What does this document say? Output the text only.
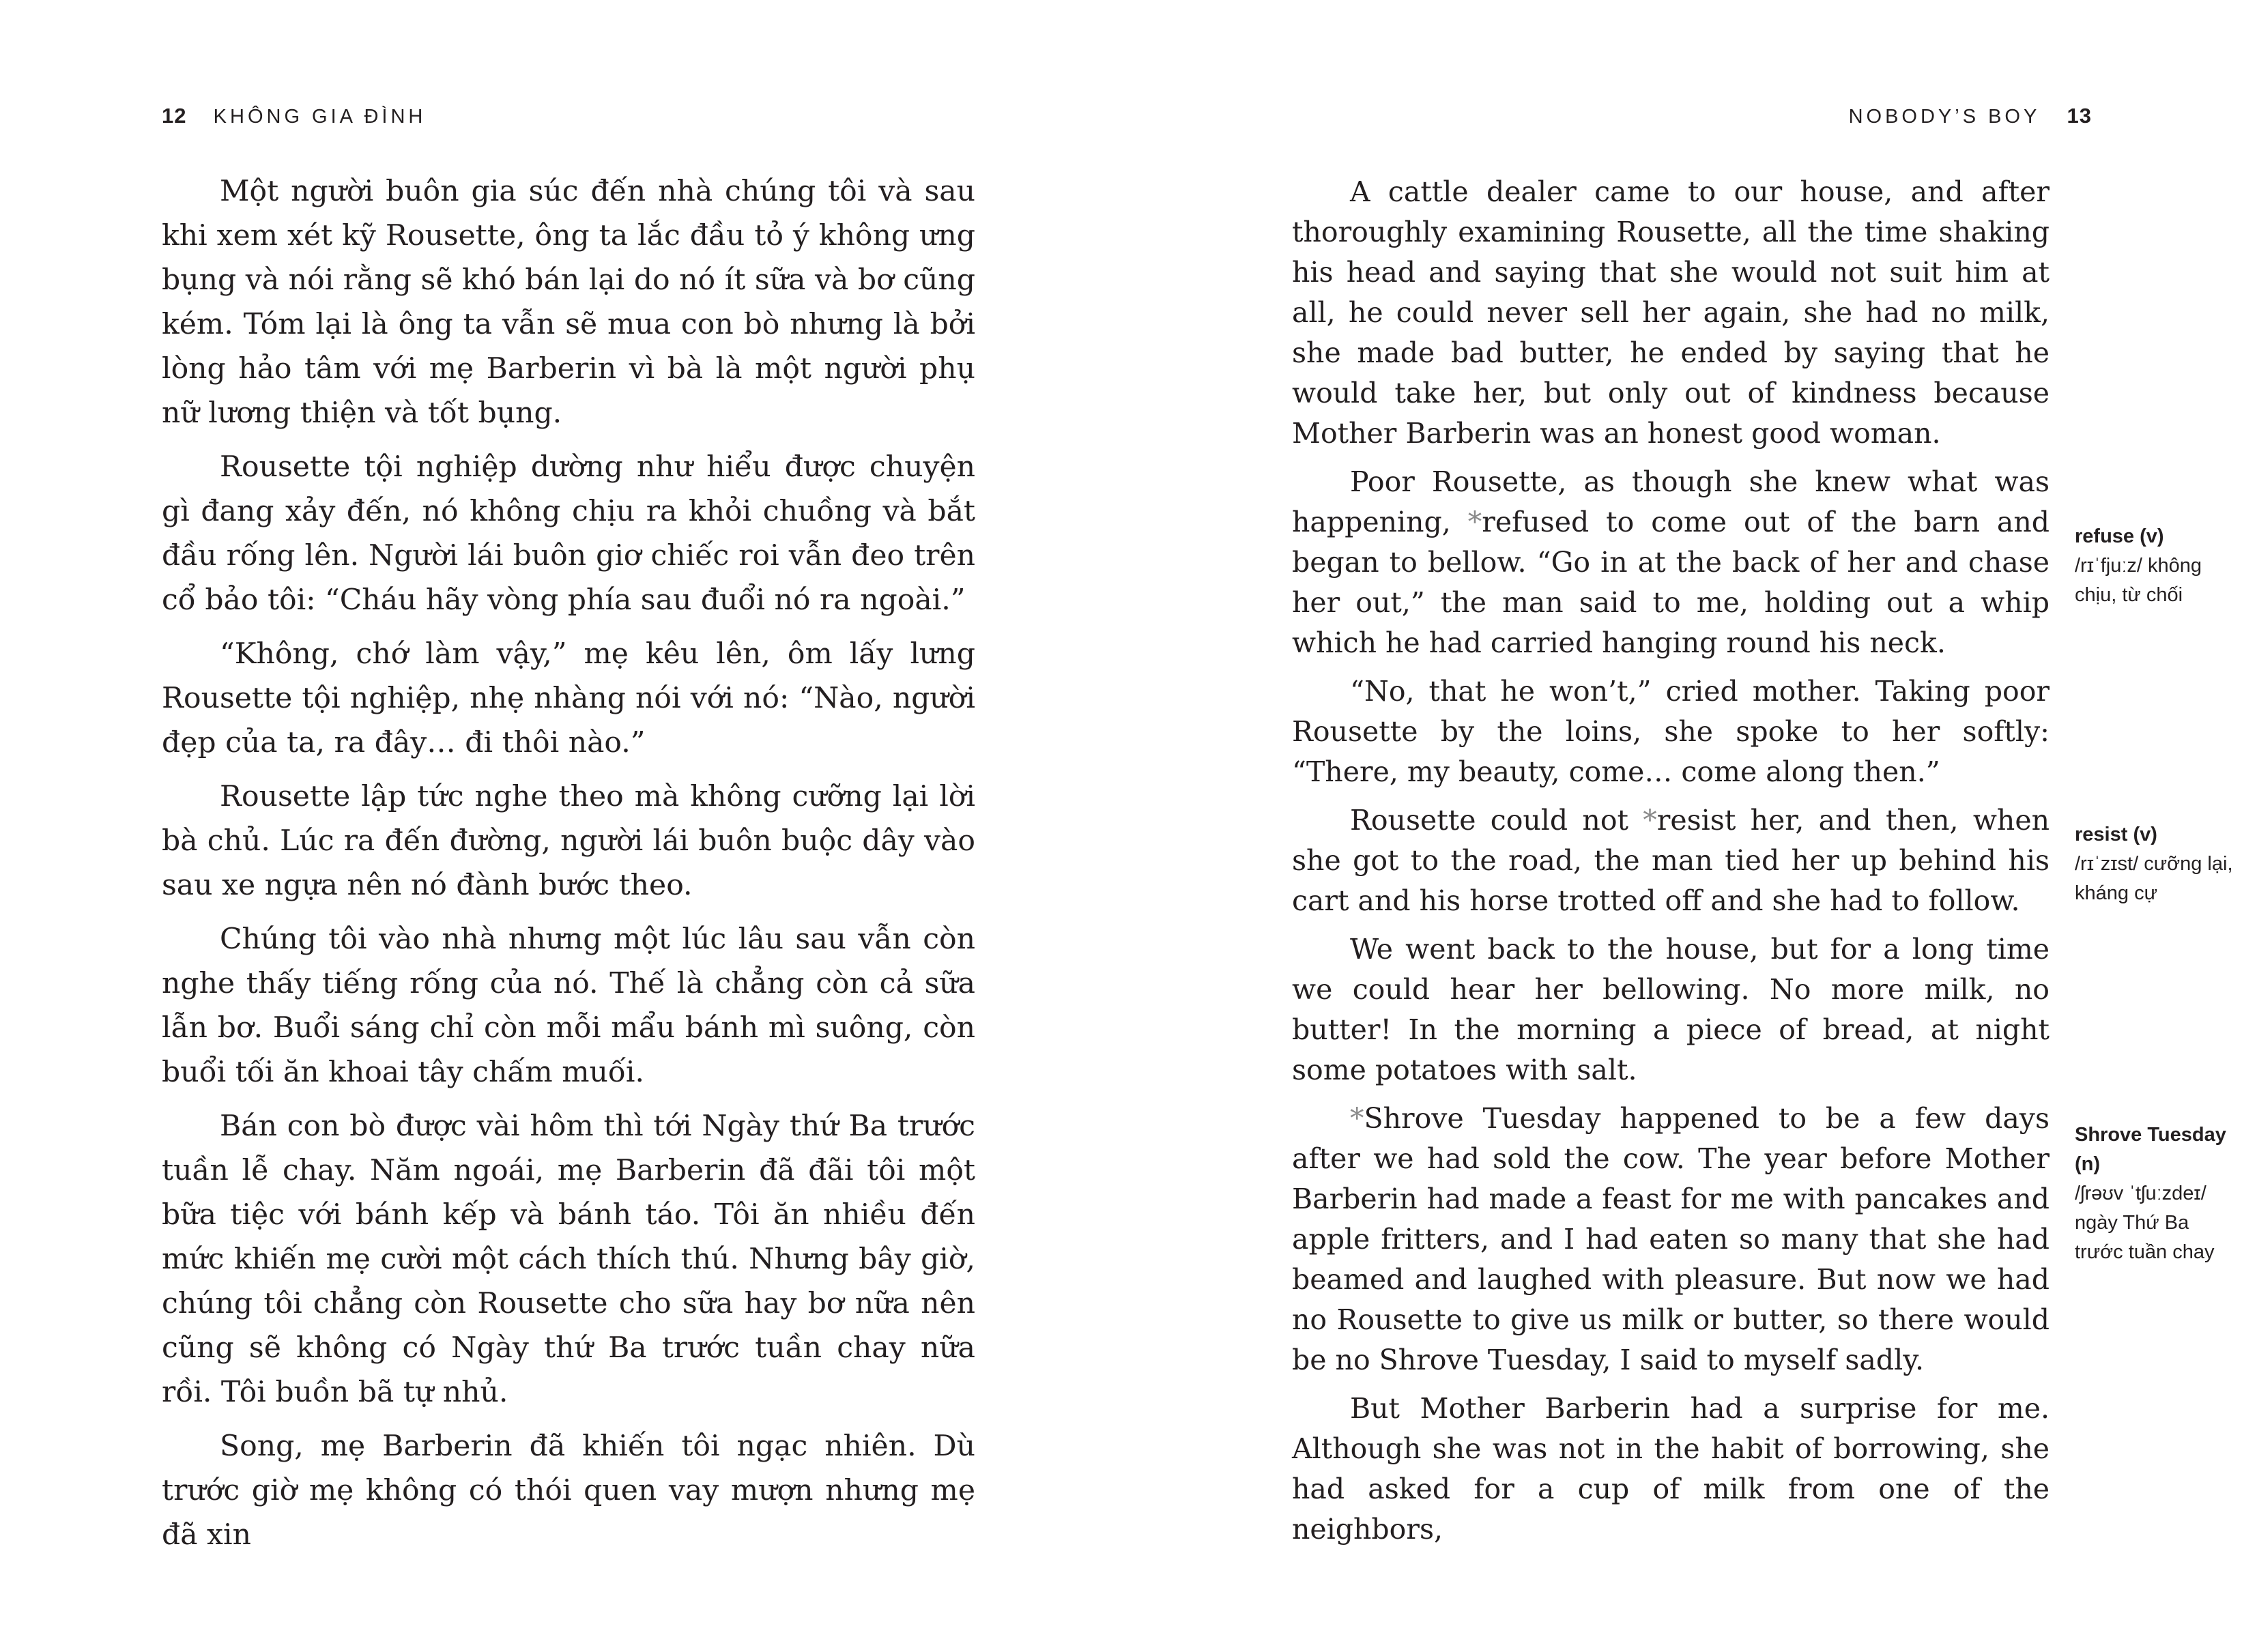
12 KHÔNG GIA ĐÌNH

Một người buôn gia súc đến nhà chúng tôi và sau khi xem xét kỹ Rousette, ông ta lắc đầu tỏ ý không ưng bụng và nói rằng sẽ khó bán lại do nó ít sữa và bơ cũng kém. Tóm lại là ông ta vẫn sẽ mua con bò nhưng là bởi lòng hảo tâm với mẹ Barberin vì bà là một người phụ nữ lương thiện và tốt bụng.

Rousette tội nghiệp dường như hiểu được chuyện gì đang xảy đến, nó không chịu ra khỏi chuồng và bắt đầu rống lên. Người lái buôn giơ chiếc roi vẫn đeo trên cổ bảo tôi: “Cháu hãy vòng phía sau đuổi nó ra ngoài.”

“Không, chớ làm vậy,” mẹ kêu lên, ôm lấy lưng Rousette tội nghiệp, nhẹ nhàng nói với nó: “Nào, người đẹp của ta, ra đây… đi thôi nào.”

Rousette lập tức nghe theo mà không cưỡng lại lời bà chủ. Lúc ra đến đường, người lái buôn buộc dây vào sau xe ngựa nên nó đành bước theo.

Chúng tôi vào nhà nhưng một lúc lâu sau vẫn còn nghe thấy tiếng rống của nó. Thế là chẳng còn cả sữa lẫn bơ. Buổi sáng chỉ còn mỗi mẩu bánh mì suông, còn buổi tối ăn khoai tây chấm muối.

Bán con bò được vài hôm thì tới Ngày thứ Ba trước tuần lễ chay. Năm ngoái, mẹ Barberin đã đãi tôi một bữa tiệc với bánh kếp và bánh táo. Tôi ăn nhiều đến mức khiến mẹ cười một cách thích thú. Nhưng bây giờ, chúng tôi chẳng còn Rousette cho sữa hay bơ nữa nên cũng sẽ không có Ngày thứ Ba trước tuần chay nữa rồi. Tôi buồn bã tự nhủ.

Song, mẹ Barberin đã khiến tôi ngạc nhiên. Dù trước giờ mẹ không có thói quen vay mượn nhưng mẹ đã xin

NOBODY’S BOY 13

A cattle dealer came to our house, and after thoroughly examining Rousette, all the time shaking his head and saying that she would not suit him at all, he could never sell her again, she had no milk, she made bad butter, he ended by saying that he would take her, but only out of kindness because Mother Barberin was an honest good woman.

Poor Rousette, as though she knew what was happening, *refused to come out of the barn and began to bellow. “Go in at the back of her and chase her out,” the man said to me, holding out a whip which he had carried hanging round his neck.

“No, that he won’t,” cried mother. Taking poor Rousette by the loins, she spoke to her softly: “There, my beauty, come… come along then.”

Rousette could not *resist her, and then, when she got to the road, the man tied her up behind his cart and his horse trotted off and she had to follow.

We went back to the house, but for a long time we could hear her bellowing. No more milk, no butter! In the morning a piece of bread, at night some potatoes with salt.

*Shrove Tuesday happened to be a few days after we had sold the cow. The year before Mother Barberin had made a feast for me with pancakes and apple fritters, and I had eaten so many that she had beamed and laughed with pleasure. But now we had no Rousette to give us milk or butter, so there would be no Shrove Tuesday, I said to myself sadly.

But Mother Barberin had a surprise for me. Although she was not in the habit of borrowing, she had asked for a cup of milk from one of the neighbors,

refuse (v)
/rɪˈfjuːz/ không chịu, từ chối
resist (v)
/rɪˈzɪst/ cưỡng lại, kháng cự
Shrove Tuesday (n)
/ʃrəʊv ˈtʃuːzdeɪ/ ngày Thứ Ba trước tuần chay
